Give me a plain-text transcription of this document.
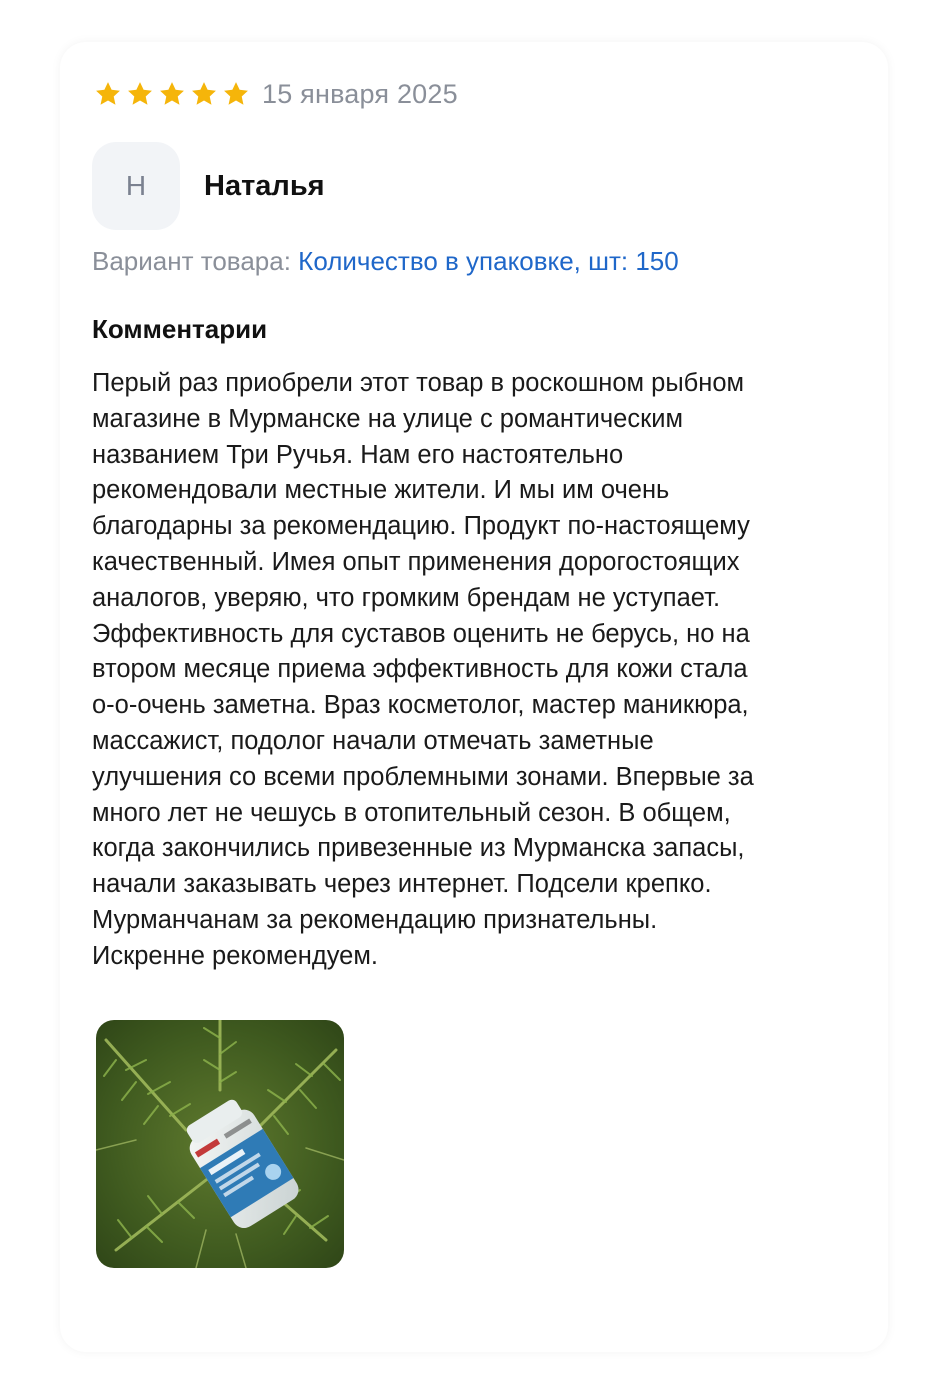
15 января 2025
Н Наталья
Вариант товара: Количество в упаковке, шт: 150
Комментарии

Перый раз приобрели этот товар в роскошном рыбном
магазине в Мурманске на улице с романтическим
названием Три Ручья. Нам его настоятельно
рекомендовали местные жители. И мы им очень
благодарны за рекомендацию. Продукт по-настоящему
качественный. Имея опыт применения дорогостоящих
аналогов, уверяю, что громким брендам не уступает.
Эффективность для суставов оценить не берусь, но на
втором месяце приема эффективность для кожи стала
о-о-очень заметна. Враз косметолог, мастер маникюра,
массажист, подолог начали отмечать заметные
улучшения со всеми проблемными зонами. Впервые за
много лет не чешусь в отопительный сезон. В общем,
когда закончились привезенные из Мурманска запасы,
начали заказывать через интернет. Подсели крепко.
Мурманчанам за рекомендацию признательны.
Искренне рекомендуем.
